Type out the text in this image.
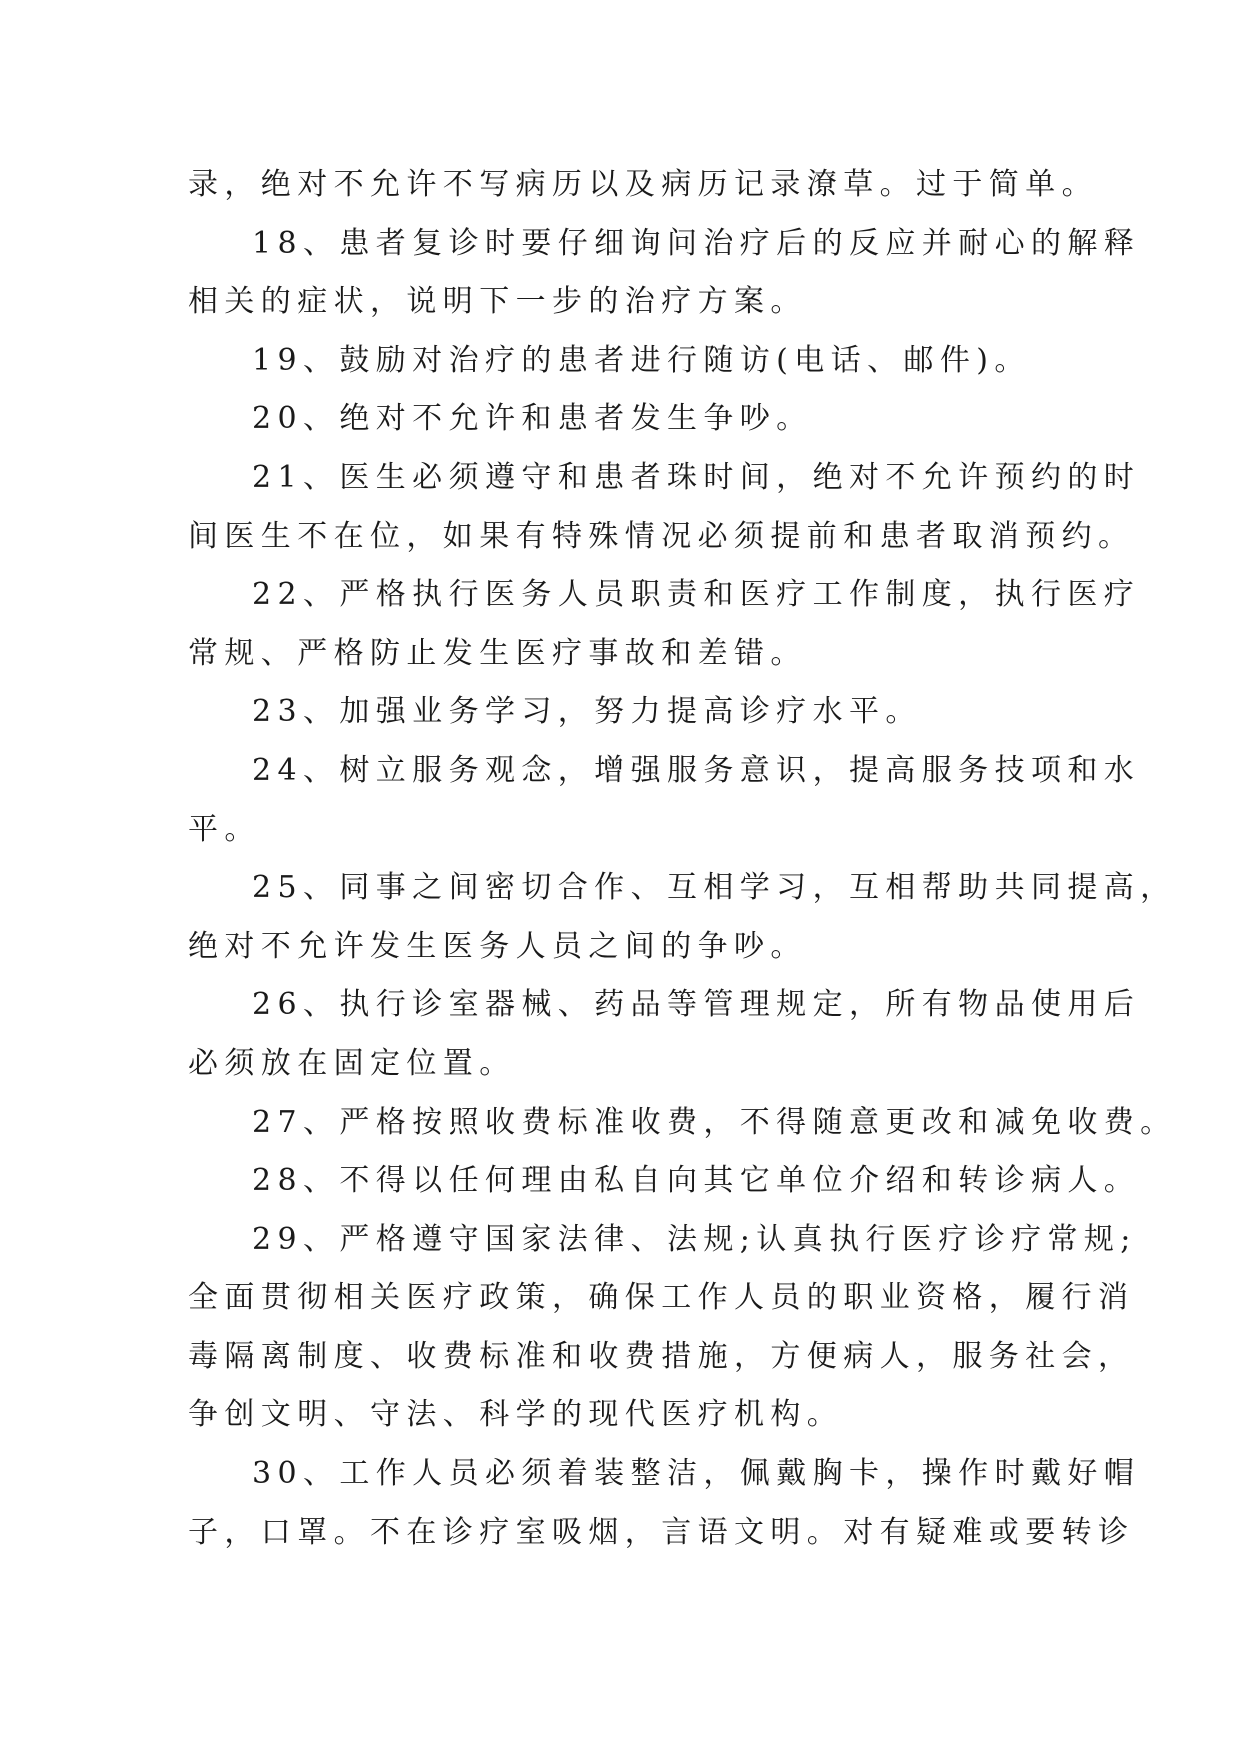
录，绝对不允许不写病历以及病历记录潦草。过于简单。
18、患者复诊时要仔细询问治疗后的反应并耐心的解释
相关的症状，说明下一步的治疗方案。
19、鼓励对治疗的患者进行随访(电话、邮件)。
20、绝对不允许和患者发生争吵。
21、医生必须遵守和患者珠时间，绝对不允许预约的时
间医生不在位，如果有特殊情况必须提前和患者取消预约。
22、严格执行医务人员职责和医疗工作制度，执行医疗
常规、严格防止发生医疗事故和差错。
23、加强业务学习，努力提高诊疗水平。
24、树立服务观念，增强服务意识，提高服务技项和水
平。
25、同事之间密切合作、互相学习，互相帮助共同提高，
绝对不允许发生医务人员之间的争吵。
26、执行诊室器械、药品等管理规定，所有物品使用后
必须放在固定位置。
27、严格按照收费标准收费，不得随意更改和减免收费。
28、不得以任何理由私自向其它单位介绍和转诊病人。
29、严格遵守国家法律、法规;认真执行医疗诊疗常规;
全面贯彻相关医疗政策，确保工作人员的职业资格，履行消
毒隔离制度、收费标准和收费措施，方便病人，服务社会，
争创文明、守法、科学的现代医疗机构。
30、工作人员必须着装整洁，佩戴胸卡，操作时戴好帽
子，口罩。不在诊疗室吸烟，言语文明。对有疑难或要转诊
